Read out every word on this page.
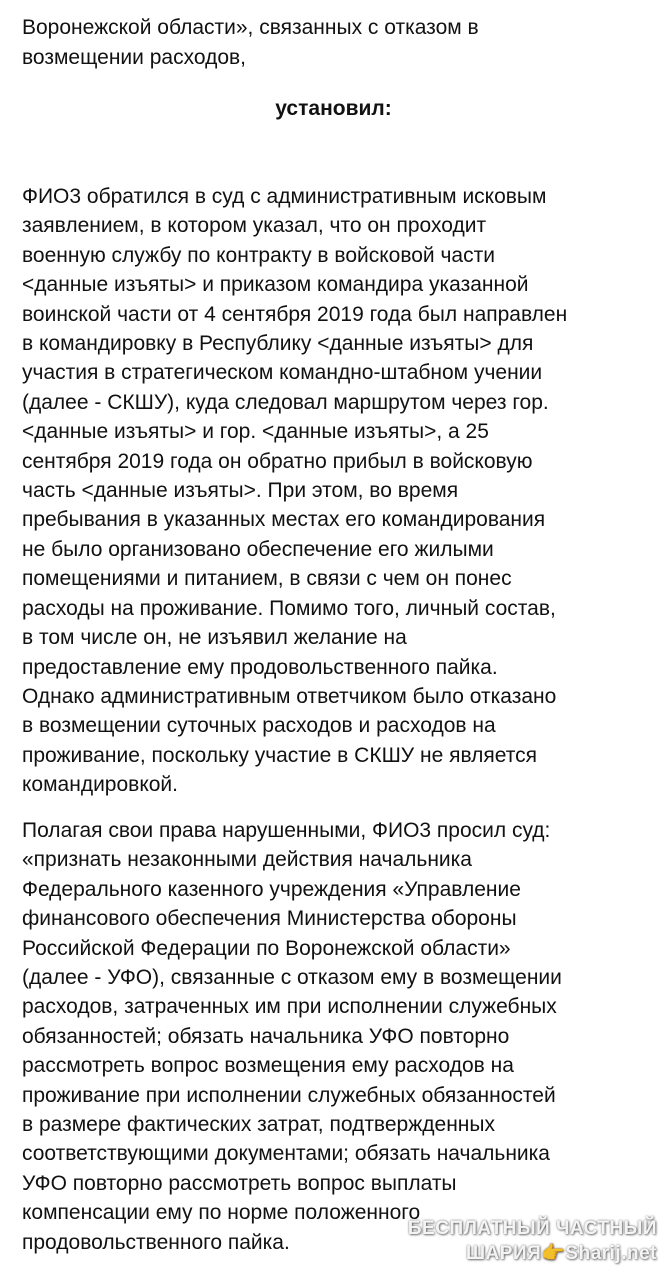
Воронежской области», связанных с отказом в
возмещении расходов,
установил:
ФИО3 обратился в суд с административным исковым
заявлением, в котором указал, что он проходит
военную службу по контракту в войсковой части
<данные изъяты> и приказом командира указанной
воинской части от 4 сентября 2019 года был направлен
в командировку в Республику <данные изъяты> для
участия в стратегическом командно-штабном учении
(далее - СКШУ), куда следовал маршрутом через гор.
<данные изъяты> и гор. <данные изъяты>, а 25
сентября 2019 года он обратно прибыл в войсковую
часть <данные изъяты>. При этом, во время
пребывания в указанных местах его командирования
не было организовано обеспечение его жилыми
помещениями и питанием, в связи с чем он понес
расходы на проживание. Помимо того, личный состав,
в том числе он, не изъявил желание на
предоставление ему продовольственного пайка.
Однако административным ответчиком было отказано
в возмещении суточных расходов и расходов на
проживание, поскольку участие в СКШУ не является
командировкой.
Полагая свои права нарушенными, ФИО3 просил суд:
«признать незаконными действия начальника
Федерального казенного учреждения «Управление
финансового обеспечения Министерства обороны
Российской Федерации по Воронежской области»
(далее - УФО), связанные с отказом ему в возмещении
расходов, затраченных им при исполнении служебных
обязанностей; обязать начальника УФО повторно
рассмотреть вопрос возмещения ему расходов на
проживание при исполнении служебных обязанностей
в размере фактических затрат, подтвержденных
соответствующими документами; обязать начальника
УФО повторно рассмотреть вопрос выплаты
компенсации ему по норме положенного
продовольственного пайка.
БЕСПЛАТНЫЙ ЧАСТНЫЙ
ШАРИЯ👉Sharij.net
